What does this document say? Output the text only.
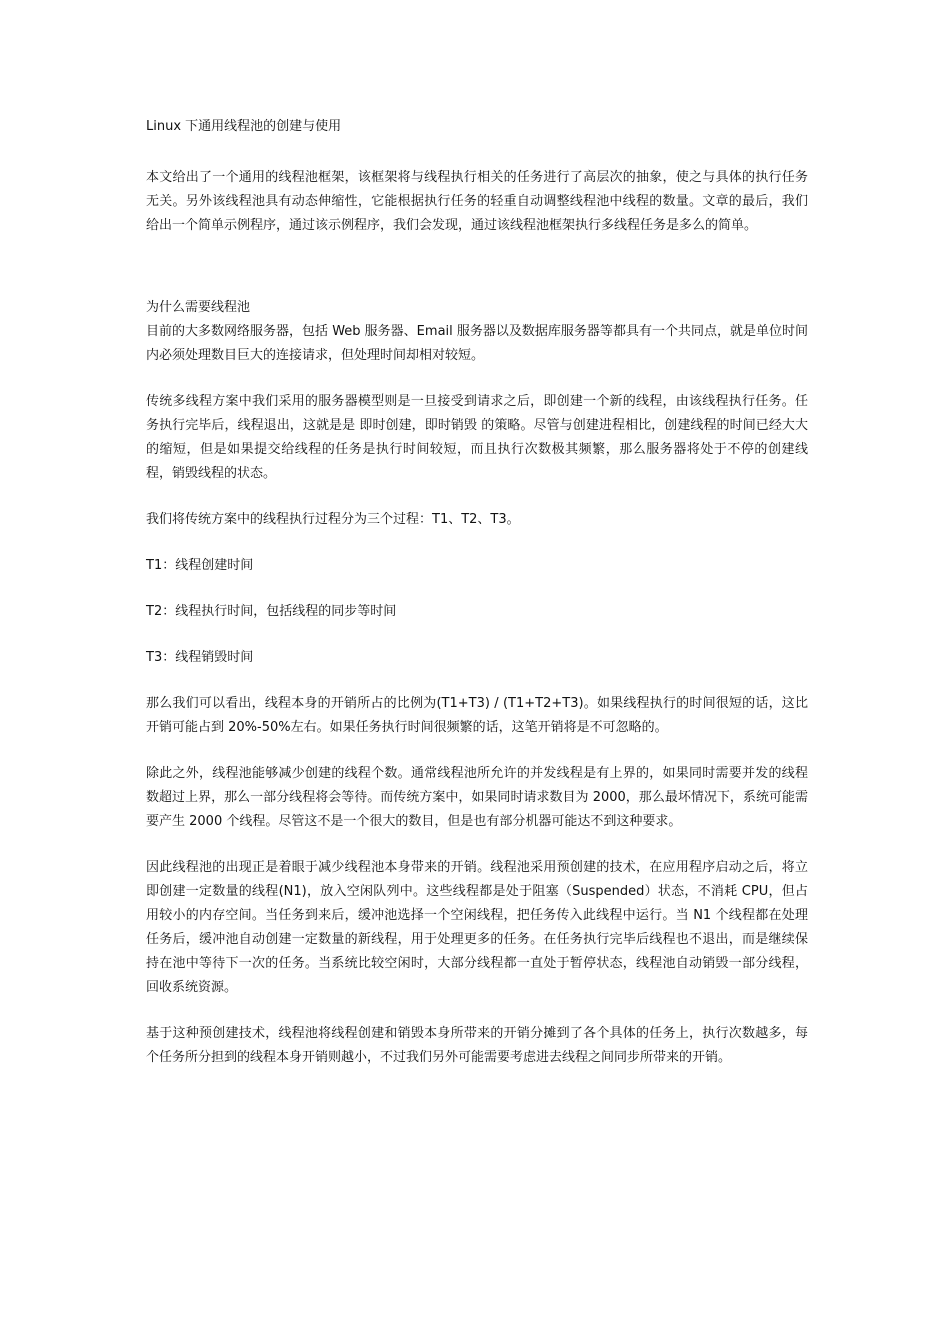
Linux 下通用线程池的创建与使用

本文给出了一个通用的线程池框架，该框架将与线程执行相关的任务进行了高层次的抽象，使之与具体的执行任务无关。另外该线程池具有动态伸缩性，它能根据执行任务的轻重自动调整线程池中线程的数量。文章的最后，我们给出一个简单示例程序，通过该示例程序，我们会发现，通过该线程池框架执行多线程任务是多么的简单。

为什么需要线程池

目前的大多数网络服务器，包括 Web 服务器、Email 服务器以及数据库服务器等都具有一个共同点，就是单位时间内必须处理数目巨大的连接请求，但处理时间却相对较短。

传统多线程方案中我们采用的服务器模型则是一旦接受到请求之后，即创建一个新的线程，由该线程执行任务。任务执行完毕后，线程退出，这就是是 即时创建，即时销毁 的策略。尽管与创建进程相比，创建线程的时间已经大大的缩短，但是如果提交给线程的任务是执行时间较短，而且执行次数极其频繁，那么服务器将处于不停的创建线程，销毁线程的状态。

我们将传统方案中的线程执行过程分为三个过程：T1、T2、T3。

T1：线程创建时间

T2：线程执行时间，包括线程的同步等时间

T3：线程销毁时间

那么我们可以看出，线程本身的开销所占的比例为(T1+T3) / (T1+T2+T3)。如果线程执行的时间很短的话，这比开销可能占到 20%-50%左右。如果任务执行时间很频繁的话，这笔开销将是不可忽略的。

除此之外，线程池能够减少创建的线程个数。通常线程池所允许的并发线程是有上界的，如果同时需要并发的线程数超过上界，那么一部分线程将会等待。而传统方案中，如果同时请求数目为 2000，那么最坏情况下，系统可能需要产生 2000 个线程。尽管这不是一个很大的数目，但是也有部分机器可能达不到这种要求。

因此线程池的出现正是着眼于减少线程池本身带来的开销。线程池采用预创建的技术，在应用程序启动之后，将立即创建一定数量的线程(N1)，放入空闲队列中。这些线程都是处于阻塞（Suspended）状态，不消耗 CPU，但占用较小的内存空间。当任务到来后，缓冲池选择一个空闲线程，把任务传入此线程中运行。当 N1 个线程都在处理任务后，缓冲池自动创建一定数量的新线程，用于处理更多的任务。在任务执行完毕后线程也不退出，而是继续保持在池中等待下一次的任务。当系统比较空闲时，大部分线程都一直处于暂停状态，线程池自动销毁一部分线程，回收系统资源。

基于这种预创建技术，线程池将线程创建和销毁本身所带来的开销分摊到了各个具体的任务上，执行次数越多，每个任务所分担到的线程本身开销则越小，不过我们另外可能需要考虑进去线程之间同步所带来的开销。
